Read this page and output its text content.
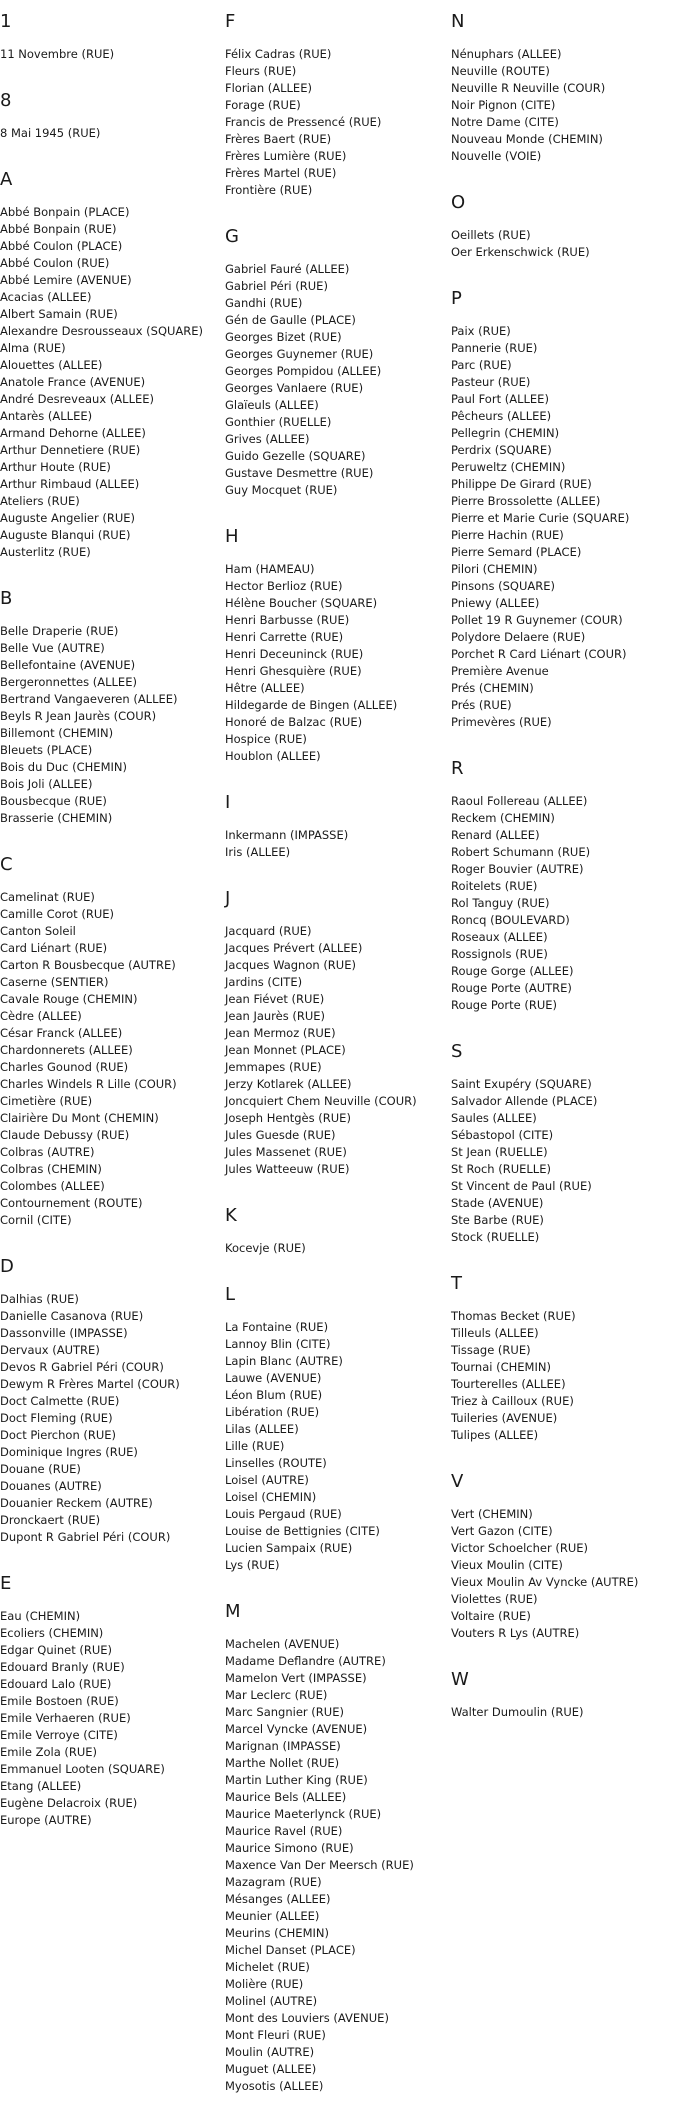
1
11 Novembre (RUE)
8
8 Mai 1945 (RUE)
A
Abbé Bonpain (PLACE)
Abbé Bonpain (RUE)
Abbé Coulon (PLACE)
Abbé Coulon (RUE)
Abbé Lemire (AVENUE)
Acacias (ALLEE)
Albert Samain (RUE)
Alexandre Desrousseaux (SQUARE)
Alma (RUE)
Alouettes (ALLEE)
Anatole France (AVENUE)
André Desreveaux (ALLEE)
Antarès (ALLEE)
Armand Dehorne (ALLEE)
Arthur Dennetiere (RUE)
Arthur Houte (RUE)
Arthur Rimbaud (ALLEE)
Ateliers (RUE)
Auguste Angelier (RUE)
Auguste Blanqui (RUE)
Austerlitz (RUE)
B
Belle Draperie (RUE)
Belle Vue (AUTRE)
Bellefontaine (AVENUE)
Bergeronnettes (ALLEE)
Bertrand Vangaeveren (ALLEE)
Beyls R Jean Jaurès (COUR)
Billemont (CHEMIN)
Bleuets (PLACE)
Bois du Duc (CHEMIN)
Bois Joli (ALLEE)
Bousbecque (RUE)
Brasserie (CHEMIN)
C
Camelinat (RUE)
Camille Corot (RUE)
Canton Soleil
Card Liénart (RUE)
Carton R Bousbecque (AUTRE)
Caserne (SENTIER)
Cavale Rouge (CHEMIN)
Cèdre (ALLEE)
César Franck (ALLEE)
Chardonnerets (ALLEE)
Charles Gounod (RUE)
Charles Windels R Lille (COUR)
Cimetière (RUE)
Clairière Du Mont (CHEMIN)
Claude Debussy (RUE)
Colbras (AUTRE)
Colbras (CHEMIN)
Colombes (ALLEE)
Contournement (ROUTE)
Cornil (CITE)
D
Dalhias (RUE)
Danielle Casanova (RUE)
Dassonville (IMPASSE)
Dervaux (AUTRE)
Devos R Gabriel Péri (COUR)
Dewym R Frères Martel (COUR)
Doct Calmette (RUE)
Doct Fleming (RUE)
Doct Pierchon (RUE)
Dominique Ingres (RUE)
Douane (RUE)
Douanes (AUTRE)
Douanier Reckem (AUTRE)
Dronckaert (RUE)
Dupont R Gabriel Péri (COUR)
E
Eau (CHEMIN)
Ecoliers (CHEMIN)
Edgar Quinet (RUE)
Edouard Branly (RUE)
Edouard Lalo (RUE)
Emile Bostoen (RUE)
Emile Verhaeren (RUE)
Emile Verroye (CITE)
Emile Zola (RUE)
Emmanuel Looten (SQUARE)
Etang (ALLEE)
Eugène Delacroix (RUE)
Europe (AUTRE)
F
Félix Cadras (RUE)
Fleurs (RUE)
Florian (ALLEE)
Forage (RUE)
Francis de Pressencé (RUE)
Frères Baert (RUE)
Frères Lumière (RUE)
Frères Martel (RUE)
Frontière (RUE)
G
Gabriel Fauré (ALLEE)
Gabriel Péri (RUE)
Gandhi (RUE)
Gén de Gaulle (PLACE)
Georges Bizet (RUE)
Georges Guynemer (RUE)
Georges Pompidou (ALLEE)
Georges Vanlaere (RUE)
Glaïeuls (ALLEE)
Gonthier (RUELLE)
Grives (ALLEE)
Guido Gezelle (SQUARE)
Gustave Desmettre (RUE)
Guy Mocquet (RUE)
H
Ham (HAMEAU)
Hector Berlioz (RUE)
Hélène Boucher (SQUARE)
Henri Barbusse (RUE)
Henri Carrette (RUE)
Henri Deceuninck (RUE)
Henri Ghesquière (RUE)
Hêtre (ALLEE)
Hildegarde de Bingen (ALLEE)
Honoré de Balzac (RUE)
Hospice (RUE)
Houblon (ALLEE)
I
Inkermann (IMPASSE)
Iris (ALLEE)
J
Jacquard (RUE)
Jacques Prévert (ALLEE)
Jacques Wagnon (RUE)
Jardins (CITE)
Jean Fiévet (RUE)
Jean Jaurès (RUE)
Jean Mermoz (RUE)
Jean Monnet (PLACE)
Jemmapes (RUE)
Jerzy Kotlarek (ALLEE)
Joncquiert Chem Neuville (COUR)
Joseph Hentgès (RUE)
Jules Guesde (RUE)
Jules Massenet (RUE)
Jules Watteeuw (RUE)
K
Kocevje (RUE)
L
La Fontaine (RUE)
Lannoy Blin (CITE)
Lapin Blanc (AUTRE)
Lauwe (AVENUE)
Léon Blum (RUE)
Libération (RUE)
Lilas (ALLEE)
Lille (RUE)
Linselles (ROUTE)
Loisel (AUTRE)
Loisel (CHEMIN)
Louis Pergaud (RUE)
Louise de Bettignies (CITE)
Lucien Sampaix (RUE)
Lys (RUE)
M
Machelen (AVENUE)
Madame Deflandre (AUTRE)
Mamelon Vert (IMPASSE)
Mar Leclerc (RUE)
Marc Sangnier (RUE)
Marcel Vyncke (AVENUE)
Marignan (IMPASSE)
Marthe Nollet (RUE)
Martin Luther King (RUE)
Maurice Bels (ALLEE)
Maurice Maeterlynck (RUE)
Maurice Ravel (RUE)
Maurice Simono (RUE)
Maxence Van Der Meersch (RUE)
Mazagram (RUE)
Mésanges (ALLEE)
Meunier (ALLEE)
Meurins (CHEMIN)
Michel Danset (PLACE)
Michelet (RUE)
Molière (RUE)
Molinel (AUTRE)
Mont des Louviers (AVENUE)
Mont Fleuri (RUE)
Moulin (AUTRE)
Muguet (ALLEE)
Myosotis (ALLEE)
N
Nénuphars (ALLEE)
Neuville (ROUTE)
Neuville R Neuville (COUR)
Noir Pignon (CITE)
Notre Dame (CITE)
Nouveau Monde (CHEMIN)
Nouvelle (VOIE)
O
Oeillets (RUE)
Oer Erkenschwick (RUE)
P
Paix (RUE)
Pannerie (RUE)
Parc (RUE)
Pasteur (RUE)
Paul Fort (ALLEE)
Pêcheurs (ALLEE)
Pellegrin (CHEMIN)
Perdrix (SQUARE)
Peruweltz (CHEMIN)
Philippe De Girard (RUE)
Pierre Brossolette (ALLEE)
Pierre et Marie Curie (SQUARE)
Pierre Hachin (RUE)
Pierre Semard (PLACE)
Pilori (CHEMIN)
Pinsons (SQUARE)
Pniewy (ALLEE)
Pollet 19 R Guynemer (COUR)
Polydore Delaere (RUE)
Porchet R Card Liénart (COUR)
Première Avenue
Prés (CHEMIN)
Prés (RUE)
Primevères (RUE)
R
Raoul Follereau (ALLEE)
Reckem (CHEMIN)
Renard (ALLEE)
Robert Schumann (RUE)
Roger Bouvier (AUTRE)
Roitelets (RUE)
Rol Tanguy (RUE)
Roncq (BOULEVARD)
Roseaux (ALLEE)
Rossignols (RUE)
Rouge Gorge (ALLEE)
Rouge Porte (AUTRE)
Rouge Porte (RUE)
S
Saint Exupéry (SQUARE)
Salvador Allende (PLACE)
Saules (ALLEE)
Sébastopol (CITE)
St Jean (RUELLE)
St Roch (RUELLE)
St Vincent de Paul (RUE)
Stade (AVENUE)
Ste Barbe (RUE)
Stock (RUELLE)
T
Thomas Becket (RUE)
Tilleuls (ALLEE)
Tissage (RUE)
Tournai (CHEMIN)
Tourterelles (ALLEE)
Triez à Cailloux (RUE)
Tuileries (AVENUE)
Tulipes (ALLEE)
V
Vert (CHEMIN)
Vert Gazon (CITE)
Victor Schoelcher (RUE)
Vieux Moulin (CITE)
Vieux Moulin Av Vyncke (AUTRE)
Violettes (RUE)
Voltaire (RUE)
Vouters R Lys (AUTRE)
W
Walter Dumoulin (RUE)
